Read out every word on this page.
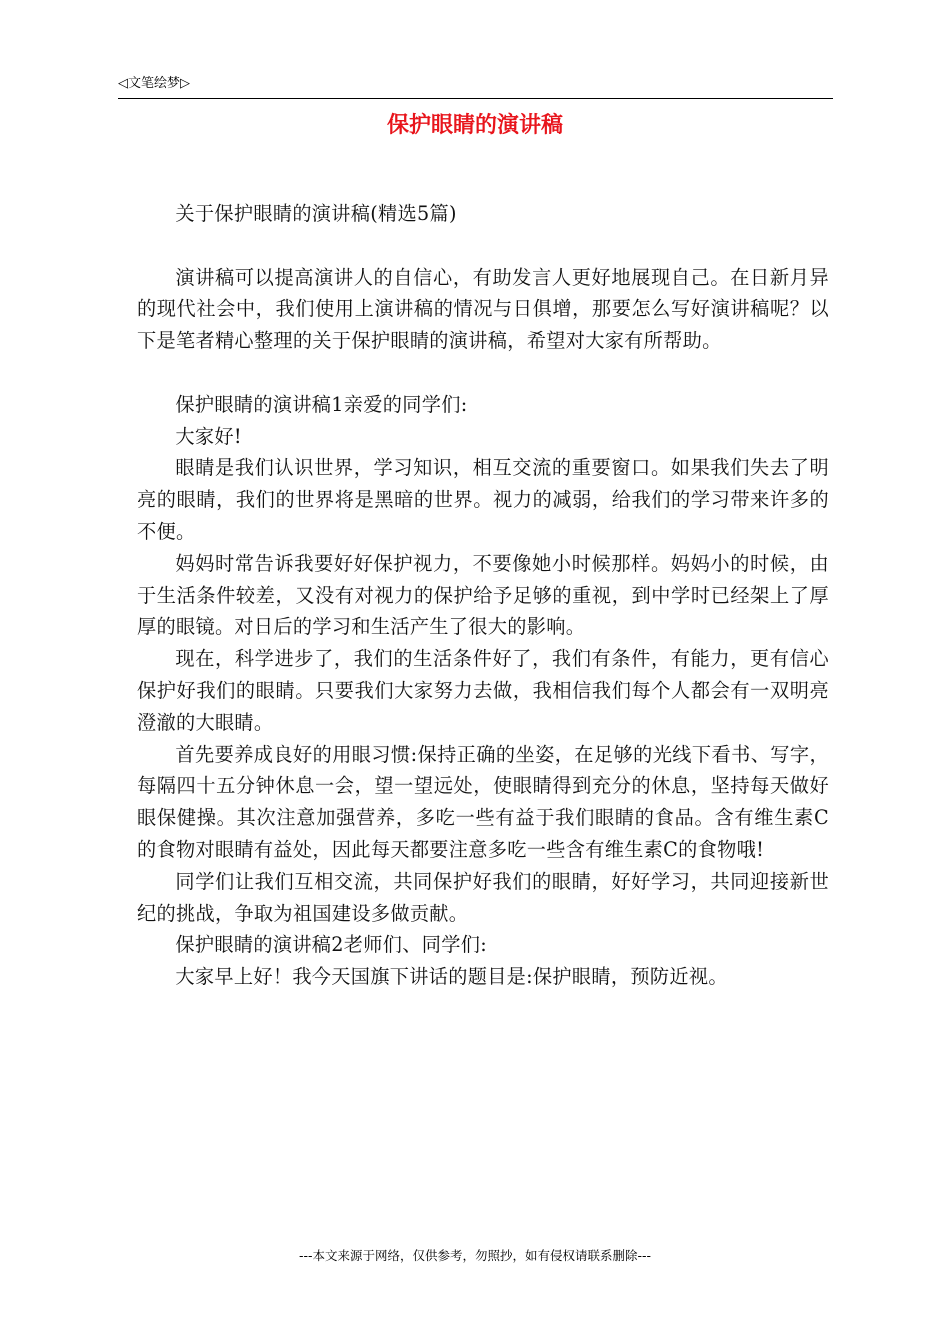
◁文笔绘梦▷
保护眼睛的演讲稿

关于保护眼睛的演讲稿(精选5篇)

演讲稿可以提高演讲人的自信心，有助发言人更好地展现自己。在日新月异的现代社会中，我们使用上演讲稿的情况与日俱增，那要怎么写好演讲稿呢？以下是笔者精心整理的关于保护眼睛的演讲稿，希望对大家有所帮助。

保护眼睛的演讲稿1亲爱的同学们:

大家好!

眼睛是我们认识世界，学习知识，相互交流的重要窗口。如果我们失去了明亮的眼睛，我们的世界将是黑暗的世界。视力的减弱，给我们的学习带来许多的不便。

妈妈时常告诉我要好好保护视力，不要像她小时候那样。妈妈小的时候，由于生活条件较差，又没有对视力的保护给予足够的重视，到中学时已经架上了厚厚的眼镜。对日后的学习和生活产生了很大的影响。

现在，科学进步了，我们的生活条件好了，我们有条件，有能力，更有信心保护好我们的眼睛。只要我们大家努力去做，我相信我们每个人都会有一双明亮澄澈的大眼睛。

首先要养成良好的用眼习惯:保持正确的坐姿，在足够的光线下看书、写字，每隔四十五分钟休息一会，望一望远处，使眼睛得到充分的休息，坚持每天做好眼保健操。其次注意加强营养，多吃一些有益于我们眼睛的食品。含有维生素C的食物对眼睛有益处，因此每天都要注意多吃一些含有维生素C的食物哦!

同学们让我们互相交流，共同保护好我们的眼睛，好好学习，共同迎接新世纪的挑战，争取为祖国建设多做贡献。

保护眼睛的演讲稿2老师们、同学们:

大家早上好！我今天国旗下讲话的题目是:保护眼睛，预防近视。

---本文来源于网络，仅供参考，勿照抄，如有侵权请联系删除---
